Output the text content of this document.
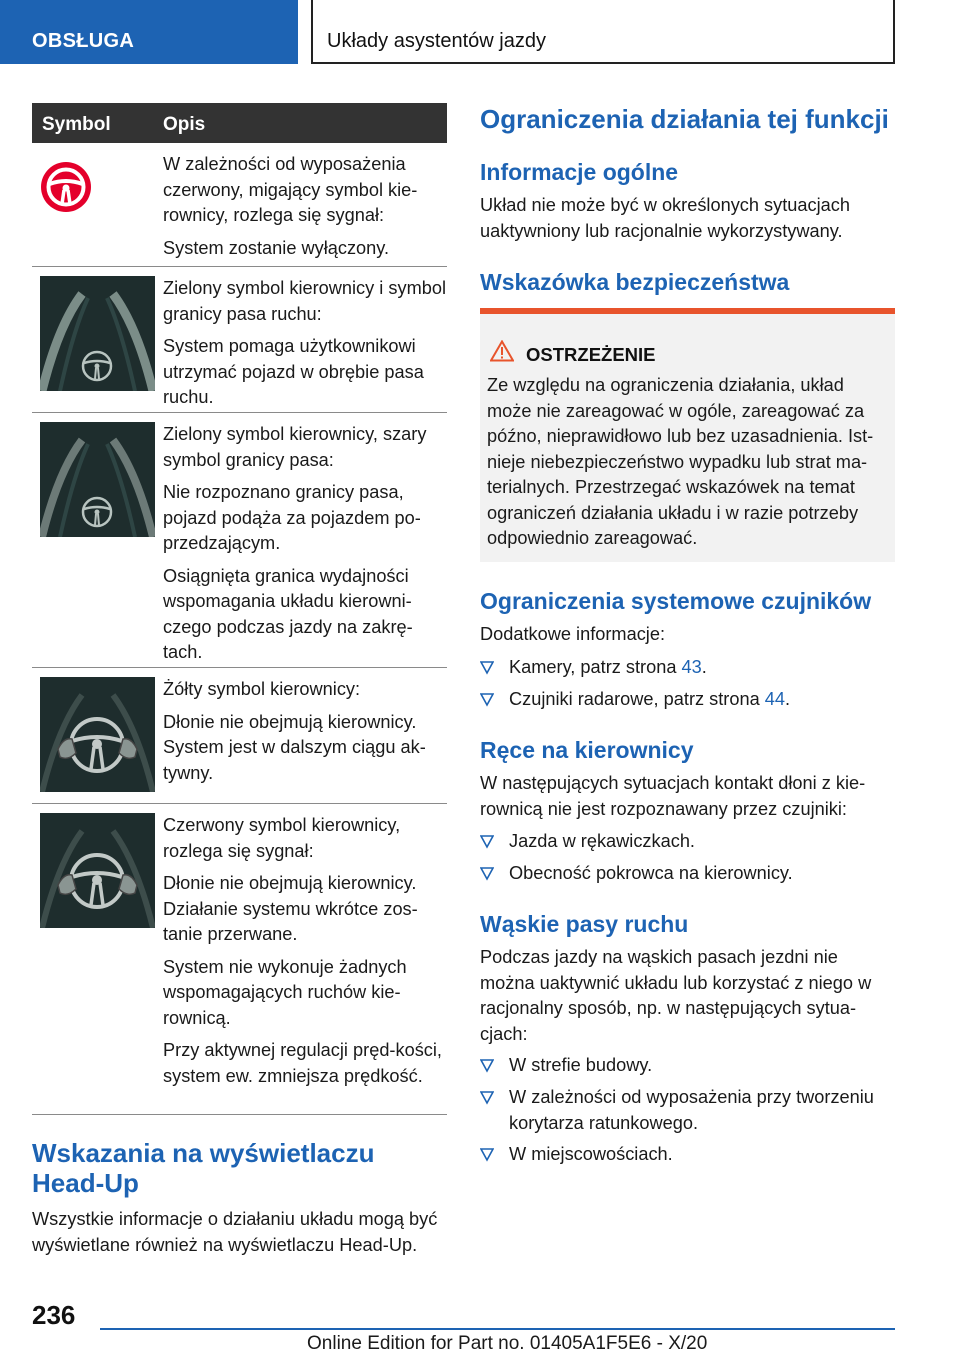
OBSŁUGA	Układy asystentów jazdy
Symbol	Opis

W zależności od wyposażenia czerwony, migający symbol kie-rownicy, rozlega się sygnał:

System zostanie wyłączony.

Zielony symbol kierownicy i symbol granicy pasa ruchu:

System pomaga użytkownikowi utrzymać pojazd w obrębie pasa ruchu.

Zielony symbol kierownicy, szary symbol granicy pasa:

Nie rozpoznano granicy pasa, pojazd podąża za pojazdem po-przedzającym.

Osiągnięta granica wydajności wspomagania układu kierowni-czego podczas jazdy na zakrę-tach.

Żółty symbol kierownicy:

Dłonie nie obejmują kierownicy. System jest w dalszym ciągu ak-tywny.

Czerwony symbol kierownicy, rozlega się sygnał:

Dłonie nie obejmują kierownicy. Działanie systemu wkrótce zos-tanie przerwane.

System nie wykonuje żadnych wspomagających ruchów kie-rownicą.

Przy aktywnej regulacji pręd-kości, system ew. zmniejsza prędkość.

Wskazania na wyświetlaczu Head-Up
Wszystkie informacje o działaniu układu mogą być wyświetlane również na wyświetlaczu Head-Up.
Ograniczenia działania tej funkcji
Informacje ogólne
Układ nie może być w określonych sytuacjach uaktywniony lub racjonalnie wykorzystywany.
Wskazówka bezpieczeństwa
OSTRZEŻENIE
Ze względu na ograniczenia działania, układ może nie zareagować w ogóle, zareagować za późno, nieprawidłowo lub bez uzasadnienia. Ist-nieje niebezpieczeństwo wypadku lub strat ma-terialnych. Przestrzegać wskazówek na temat ograniczeń działania układu i w razie potrzeby odpowiednio zareagować.
Ograniczenia systemowe czujników
Dodatkowe informacje:
Kamery, patrz strona 43.
Czujniki radarowe, patrz strona 44.
Ręce na kierownicy
W następujących sytuacjach kontakt dłoni z kie-rownicą nie jest rozpoznawany przez czujniki:
Jazda w rękawiczkach.
Obecność pokrowca na kierownicy.
Wąskie pasy ruchu
Podczas jazdy na wąskich pasach jezdni nie można uaktywnić układu lub korzystać z niego w racjonalny sposób, np. w następujących sytua-cjach:
W strefie budowy.
W zależności od wyposażenia przy tworzeniu korytarza ratunkowego.
W miejscowościach.
236
Online Edition for Part no. 01405A1F5E6 - X/20
